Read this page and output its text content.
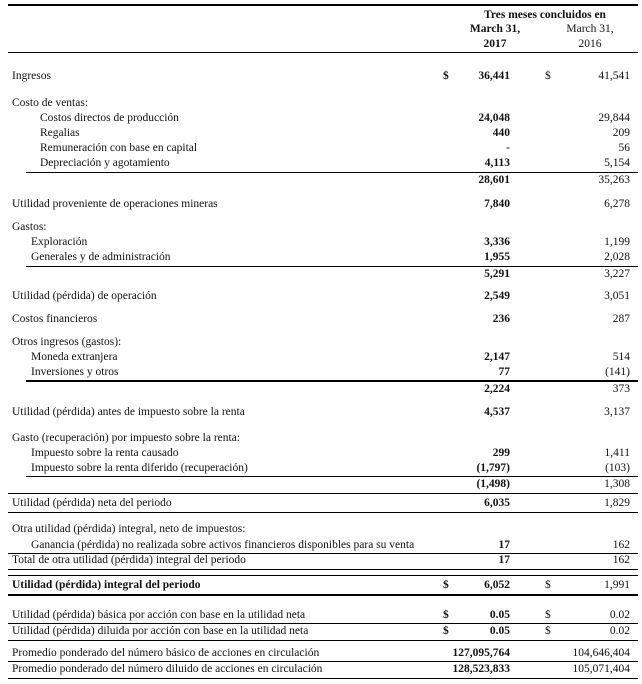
Tres meses concluidos en
March 31,
2017
March 31,
2016
Ingresos	$	36,441	$	41,541
Costo de ventas:
Costos directos de producción	24,048	29,844
Regalias	440	209
Remuneración con base en capital	-	56
Depreciación y agotamiento	4,113	5,154
28,601	35,263
Utilidad proveniente de operaciones mineras	7,840	6,278
Gastos:
Exploración	3,336	1,199
Generales y de administración	1,955	2,028
5,291	3,227
Utilidad (pérdida) de operación	2,549	3,051
Costos financieros	236	287
Otros ingresos (gastos):
Moneda extranjera	2,147	514
Inversiones y otros	77	(141)
2,224	373
Utilidad (pérdida) antes de impuesto sobre la renta	4,537	3,137
Gasto (recuperación) por impuesto sobre la renta:
Impuesto sobre la renta causado	299	1,411
Impuesto sobre la renta diferido (recuperación)	(1,797)	(103)
(1,498)	1,308
Utilidad (pérdida) neta del periodo	6,035	1,829
Otra utilidad (pérdida) integral, neto de impuestos:
Ganancia (pérdida) no realizada sobre activos financieros disponibles para su venta	17	162
Total de otra utilidad (pérdida) integral del periodo	17	162
Utilidad (pérdida) integral del periodo	$	6,052	$	1,991
Utilidad (pérdida) básica por acción con base en la utilidad neta	$	0.05	$	0.02
Utilidad (pérdida) diluida por acción con base en la utilidad neta	$	0.05	$	0.02
Promedio ponderado del número básico de acciones en circulación	127,095,764	104,646,404
Promedio ponderado del número diluido de acciones en circulación	128,523,833	105,071,404
